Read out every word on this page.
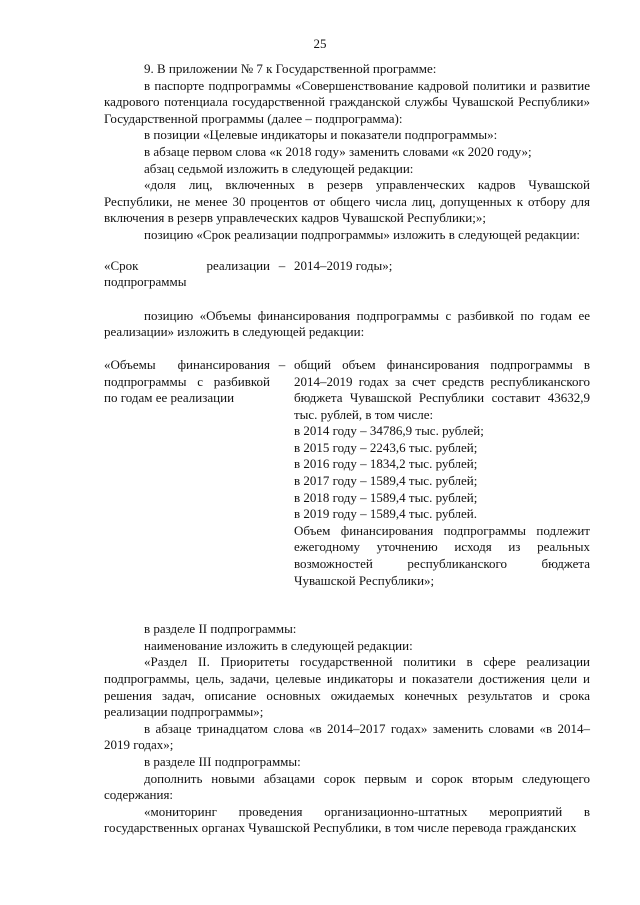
25

9. В приложении № 7 к Государственной программе:

в паспорте подпрограммы «Совершенствование кадровой политики и развитие кадрового потенциала государственной гражданской службы Чувашской Республики» Государственной программы (далее – подпрограмма):

в позиции «Целевые индикаторы и показатели подпрограммы»:

в абзаце первом слова «к 2018 году» заменить словами «к 2020 году»;

абзац седьмой изложить в следующей редакции:

«доля лиц, включенных в резерв управленческих кадров Чувашской Республики, не менее 30 процентов от общего числа лиц, допущенных к отбору для включения в резерв управлеческих кадров Чувашской Республики;»;

позицию «Срок реализации подпрограммы» изложить в следующей редакции:

«Срок реализации подпрограммы
– 2014–2019 годы»;

позицию «Объемы финансирования подпрограммы с разбивкой по годам ее реализации» изложить в следующей редакции:

«Объемы финансирования подпрограммы с разбивкой по годам ее реализации
– общий объем финансирования подпрограммы в 2014–2019 годах за счет средств республиканского бюджета Чувашской Республики составит 43632,9 тыс. рублей, в том числе:
в 2014 году – 34786,9 тыс. рублей;
в 2015 году – 2243,6 тыс. рублей;
в 2016 году – 1834,2 тыс. рублей;
в 2017 году – 1589,4 тыс. рублей;
в 2018 году – 1589,4 тыс. рублей;
в 2019 году – 1589,4 тыс. рублей.
Объем финансирования подпрограммы подлежит ежегодному уточнению исходя из реальных возможностей республиканского бюджета Чувашской Республики»;

в разделе II подпрограммы:

наименование изложить в следующей редакции:

«Раздел II. Приоритеты государственной политики в сфере реализации подпрограммы, цель, задачи, целевые индикаторы и показатели достижения цели и решения задач, описание основных ожидаемых конечных результатов и срока реализации подпрограммы»;

в абзаце тринадцатом слова «в 2014–2017 годах» заменить словами «в 2014–2019 годах»;

в разделе III подпрограммы:

дополнить новыми абзацами сорок первым и сорок вторым следующего содержания:

«мониторинг проведения организационно-штатных мероприятий в государственных органах Чувашской Республики, в том числе перевода гражданских
